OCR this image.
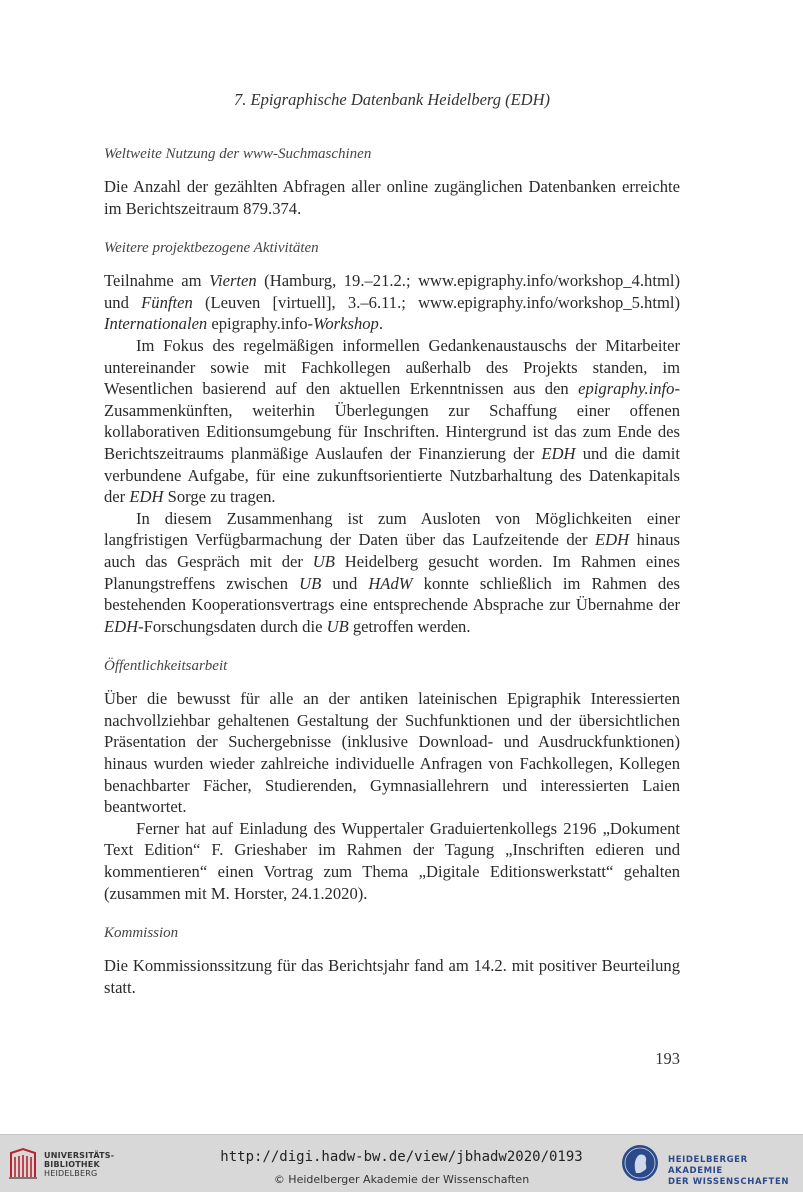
7. Epigraphische Datenbank Heidelberg (EDH)
Weltweite Nutzung der www-Suchmaschinen

Die Anzahl der gezählten Abfragen aller online zugänglichen Datenbanken erreichte im Berichtszeitraum 879.374.

Weitere projektbezogene Aktivitäten

Teilnahme am Vierten (Hamburg, 19.–21.2.; www.epigraphy.info/workshop_4.html) und Fünften (Leuven [virtuell], 3.–6.11.; www.epigraphy.info/workshop_5.html) Internationalen epigraphy.info-Workshop.

Im Fokus des regelmäßigen informellen Gedankenaustauschs der Mitarbeiter untereinander sowie mit Fachkollegen außerhalb des Projekts standen, im Wesentlichen basierend auf den aktuellen Erkenntnissen aus den epigraphy.info-Zusammenkünften, weiterhin Überlegungen zur Schaffung einer offenen kollaborativen Editionsumgebung für Inschriften. Hintergrund ist das zum Ende des Berichtszeitraums planmäßige Auslaufen der Finanzierung der EDH und die damit verbundene Aufgabe, für eine zukunftsorientierte Nutzbarhaltung des Datenkapitals der EDH Sorge zu tragen.

In diesem Zusammenhang ist zum Ausloten von Möglichkeiten einer langfristigen Verfügbarmachung der Daten über das Laufzeitende der EDH hinaus auch das Gespräch mit der UB Heidelberg gesucht worden. Im Rahmen eines Planungstreffens zwischen UB und HAdW konnte schließlich im Rahmen des bestehenden Kooperationsvertrags eine entsprechende Absprache zur Übernahme der EDH-Forschungsdaten durch die UB getroffen werden.

Öffentlichkeitsarbeit

Über die bewusst für alle an der antiken lateinischen Epigraphik Interessierten nachvollziehbar gehaltenen Gestaltung der Suchfunktionen und der übersichtlichen Präsentation der Suchergebnisse (inklusive Download- und Ausdruckfunktionen) hinaus wurden wieder zahlreiche individuelle Anfragen von Fachkollegen, Kollegen benachbarter Fächer, Studierenden, Gymnasiallehrern und interessierten Laien beantwortet.

Ferner hat auf Einladung des Wuppertaler Graduiertenkollegs 2196 „Dokument Text Edition“ F. Grieshaber im Rahmen der Tagung „Inschriften edieren und kommentieren“ einen Vortrag zum Thema „Digitale Editionswerkstatt“ gehalten (zusammen mit M. Horster, 24.1.2020).

Kommission

Die Kommissionssitzung für das Berichtsjahr fand am 14.2. mit positiver Beurteilung statt.

193
UNIVERSITÄTS-
BIBLIOTHEK
HEIDELBERG
http://digi.hadw-bw.de/view/jbhadw2020/0193
© Heidelberger Akademie der Wissenschaften
HEIDELBERGER AKADEMIE
DER WISSENSCHAFTEN
